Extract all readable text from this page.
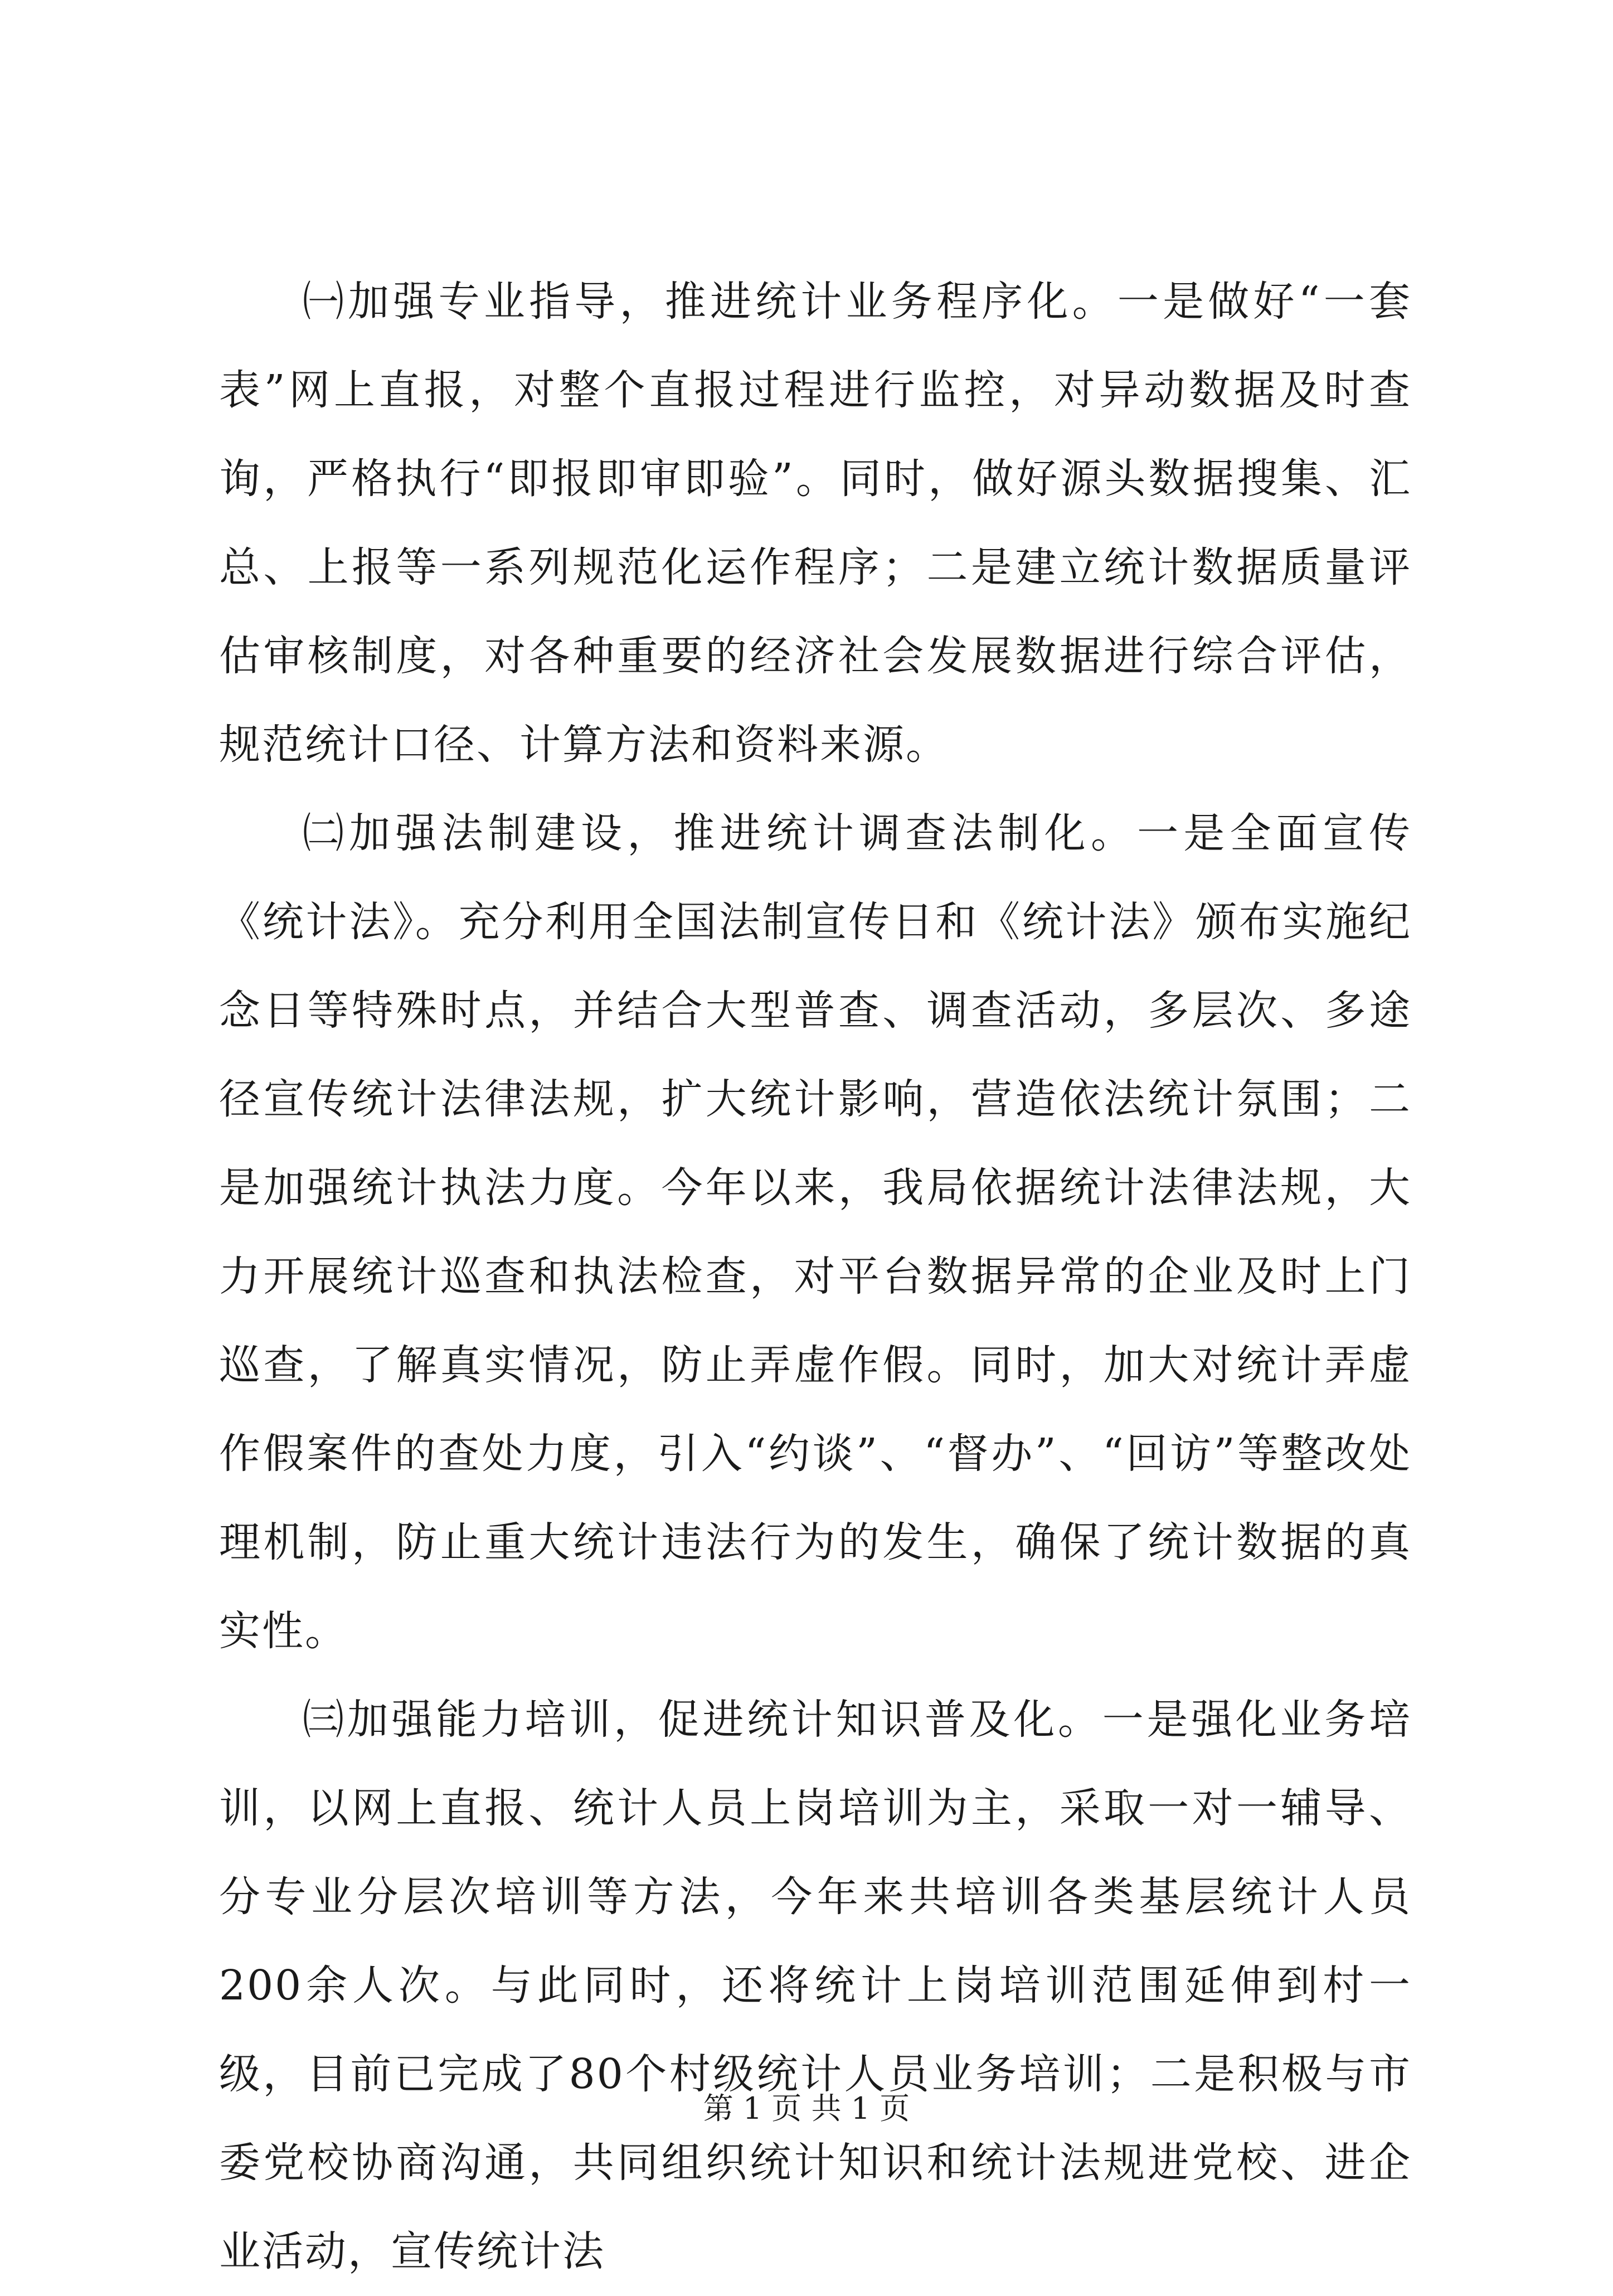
㈠加强专业指导，推进统计业务程序化。一是做好“一套表”网上直报，对整个直报过程进行监控，对异动数据及时查询，严格执行“即报即审即验”。同时，做好源头数据搜集、汇总、上报等一系列规范化运作程序；二是建立统计数据质量评估审核制度，对各种重要的经济社会发展数据进行综合评估，规范统计口径、计算方法和资料来源。

㈡加强法制建设，推进统计调查法制化。一是全面宣传《统计法》。充分利用全国法制宣传日和《统计法》颁布实施纪念日等特殊时点，并结合大型普查、调查活动，多层次、多途径宣传统计法律法规，扩大统计影响，营造依法统计氛围；二是加强统计执法力度。今年以来，我局依据统计法律法规，大力开展统计巡查和执法检查，对平台数据异常的企业及时上门巡查，了解真实情况，防止弄虚作假。同时，加大对统计弄虚作假案件的查处力度，引入“约谈”、“督办”、“回访”等整改处理机制，防止重大统计违法行为的发生，确保了统计数据的真实性。

㈢加强能力培训，促进统计知识普及化。一是强化业务培训，以网上直报、统计人员上岗培训为主，采取一对一辅导、分专业分层次培训等方法，今年来共培训各类基层统计人员200余人次。与此同时，还将统计上岗培训范围延伸到村一级，目前已完成了80个村级统计人员业务培训；二是积极与市委党校协商沟通，共同组织统计知识和统计法规进党校、进企业活动，宣传统计法

第 1 页 共 1 页
